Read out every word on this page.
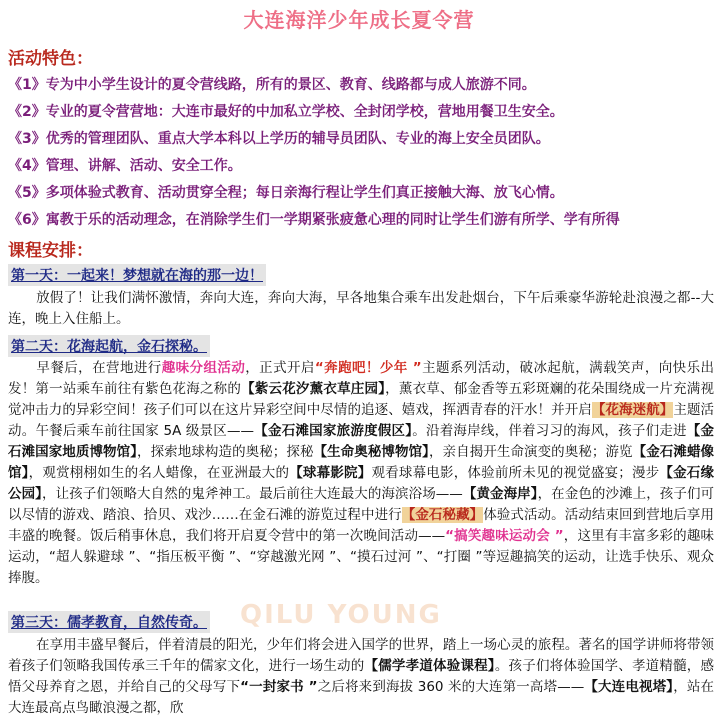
大连海洋少年成长夏令营
活动特色：
《1》专为中小学生设计的夏令营线路，所有的景区、教育、线路都与成人旅游不同。
《2》专业的夏令营营地：大连市最好的中加私立学校、全封闭学校，营地用餐卫生安全。
《3》优秀的管理团队、重点大学本科以上学历的辅导员团队、专业的海上安全员团队。
《4》管理、讲解、活动、安全工作。
《5》多项体验式教育、活动贯穿全程；每日亲海行程让学生们真正接触大海、放飞心情。
《6》寓教于乐的活动理念，在消除学生们一学期紧张疲惫心理的同时让学生们游有所学、学有所得
课程安排：
第一天：一起来！梦想就在海的那一边！
放假了！让我们满怀激情，奔向大连，奔向大海，早各地集合乘车出发赴烟台，下午后乘豪华游轮赴浪漫之都--大连，晚上入住船上。
第二天：花海起航，金石探秘。
早餐后，在营地进行趣味分组活动，正式开启“奔跑吧！少年 ”主题系列活动，破冰起航，满载笑声，向快乐出发！第一站乘车前往有紫色花海之称的【紫云花汐薰衣草庄园】，薰衣草、郁金香等五彩斑斓的花朵围绕成一片充满视觉冲击力的异彩空间！孩子们可以在这片异彩空间中尽情的追逐、嬉戏，挥洒青春的汗水！并开启【花海迷航】主题活动。午餐后乘车前往国家 5A 级景区——【金石滩国家旅游度假区】。沿着海岸线，伴着习习的海风，孩子们走进【金石滩国家地质博物馆】，探索地球构造的奥秘；探秘【生命奥秘博物馆】，亲自揭开生命演变的奥秘；游览【金石滩蜡像馆】，观赏栩栩如生的名人蜡像，在亚洲最大的【球幕影院】观看球幕电影，体验前所未见的视觉盛宴；漫步【金石缘公园】，让孩子们领略大自然的鬼斧神工。最后前往大连最大的海滨浴场——【黄金海岸】，在金色的沙滩上，孩子们可以尽情的游戏、踏浪、拾贝、戏沙……在金石滩的游览过程中进行【金石秘藏】体验式活动。活动结束回到营地后享用丰盛的晚餐。饭后稍事休息，我们将开启夏令营中的第一次晚间活动——“搞笑趣味运动会 ”，这里有丰富多彩的趣味运动，“超人躲避球 ”、“指压板平衡 ”、“穿越激光网 ”、“摸石过河 ”、“打圈 ”等逗趣搞笑的运动，让选手快乐、观众捧腹。
QILU YOUNG
第三天：儒孝教育，自然传奇。
在享用丰盛早餐后，伴着清晨的阳光，少年们将会进入国学的世界，踏上一场心灵的旅程。著名的国学讲师将带领着孩子们领略我国传承三千年的儒家文化，进行一场生动的【儒学孝道体验课程】。孩子们将体验国学、孝道精髓，感悟父母养育之恩，并给自己的父母写下“一封家书 ”之后将来到海拔 360 米的大连第一高塔——【大连电视塔】，站在大连最高点鸟瞰浪漫之都，欣
